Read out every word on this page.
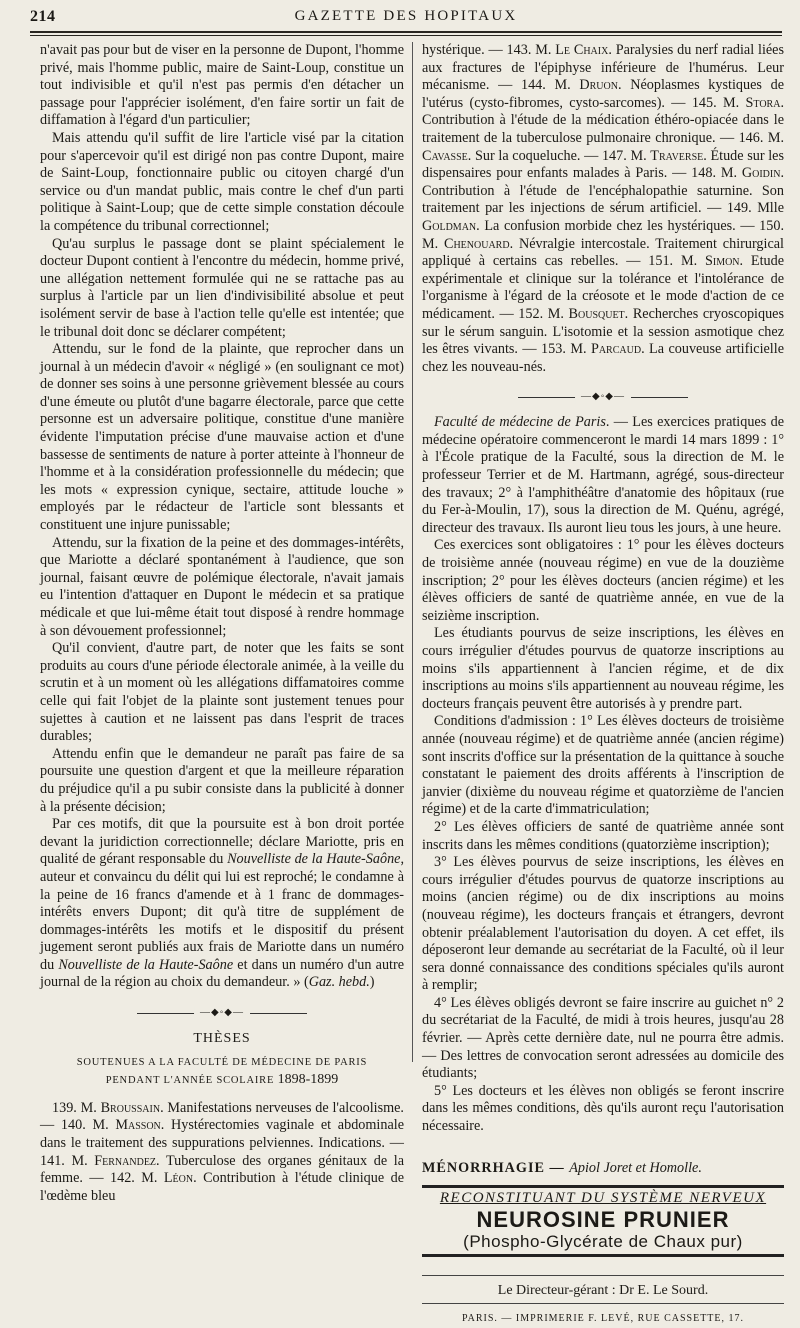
214	GAZETTE DES HOPITAUX

n'avait pas pour but de viser en la personne de Dupont, l'homme privé, mais l'homme public, maire de Saint-Loup, constitue un tout indivisible et qu'il n'est pas permis d'en détacher un passage pour l'apprécier isolément, d'en faire sortir un fait de diffamation à l'égard d'un particulier;

Mais attendu qu'il suffit de lire l'article visé par la citation pour s'apercevoir qu'il est dirigé non pas contre Dupont, maire de Saint-Loup, fonctionnaire public ou citoyen chargé d'un service ou d'un mandat public, mais contre le chef d'un parti politique à Saint-Loup; que de cette simple constation découle la compétence du tribunal correctionnel;

Qu'au surplus le passage dont se plaint spécialement le docteur Dupont contient à l'encontre du médecin, homme privé, une allégation nettement formulée qui ne se rattache pas au surplus à l'article par un lien d'indivisibilité absolue et peut isolément servir de base à l'action telle qu'elle est intentée; que le tribunal doit donc se déclarer compétent;

Attendu, sur le fond de la plainte, que reprocher dans un journal à un médecin d'avoir « négligé » (en soulignant ce mot) de donner ses soins à une personne grièvement blessée au cours d'une émeute ou plutôt d'une bagarre électorale, parce que cette personne est un adversaire politique, constitue d'une manière évidente l'imputation précise d'une mauvaise action et d'une bassesse de sentiments de nature à porter atteinte à l'honneur de l'homme et à la considération professionnelle du médecin; que les mots « expression cynique, sectaire, attitude louche » employés par le rédacteur de l'article sont blessants et constituent une injure punissable;

Attendu, sur la fixation de la peine et des dommages-intérêts, que Mariotte a déclaré spontanément à l'audience, que son journal, faisant œuvre de polémique électorale, n'avait jamais eu l'intention d'attaquer en Dupont le médecin et sa pratique médicale et que lui-même était tout disposé à rendre hommage à son dévouement professionnel;

Qu'il convient, d'autre part, de noter que les faits se sont produits au cours d'une période électorale animée, à la veille du scrutin et à un moment où les allégations diffamatoires comme celle qui fait l'objet de la plainte sont justement tenues pour sujettes à caution et ne laissent pas dans l'esprit de traces durables;

Attendu enfin que le demandeur ne paraît pas faire de sa poursuite une question d'argent et que la meilleure réparation du préjudice qu'il a pu subir consiste dans la publicité à donner à la présente décision;

Par ces motifs, dit que la poursuite est à bon droit portée devant la juridiction correctionnelle; déclare Mariotte, pris en qualité de gérant responsable du Nouvelliste de la Haute-Saône, auteur et convaincu du délit qui lui est reproché; le condamne à la peine de 16 francs d'amende et à 1 franc de dommages-intérêts envers Dupont; dit qu'à titre de supplément de dommages-intérêts les motifs et le dispositif du présent jugement seront publiés aux frais de Mariotte dans un numéro du Nouvelliste de la Haute-Saône et dans un numéro d'un autre journal de la région au choix du demandeur. » (Gaz. hebd.)

—◆◦◆—
THÈSES
SOUTENUES A LA FACULTÉ DE MÉDECINE DE PARIS
PENDANT L'ANNÉE SCOLAIRE 1898-1899

139. M. Broussain. Manifestations nerveuses de l'alcoolisme. — 140. M. Masson. Hystérectomies vaginale et abdominale dans le traitement des suppurations pelviennes. Indications. — 141. M. Fernandez. Tuberculose des organes génitaux de la femme. — 142. M. Léon. Contribution à l'étude clinique de l'œdème bleu

hystérique. — 143. M. Le Chaix. Paralysies du nerf radial liées aux fractures de l'épiphyse inférieure de l'humérus. Leur mécanisme. — 144. M. Druon. Néoplasmes kystiques de l'utérus (cysto-fibromes, cysto-sarcomes). — 145. M. Stora. Contribution à l'étude de la médication éthéro-opiacée dans le traitement de la tuberculose pulmonaire chronique. — 146. M. Cavasse. Sur la coqueluche. — 147. M. Traverse. Étude sur les dispensaires pour enfants malades à Paris. — 148. M. Goidin. Contribution à l'étude de l'encéphalopathie saturnine. Son traitement par les injections de sérum artificiel. — 149. Mlle Goldman. La confusion morbide chez les hystériques. — 150. M. Chenouard. Névralgie intercostale. Traitement chirurgical appliqué à certains cas rebelles. — 151. M. Simon. Etude expérimentale et clinique sur la tolérance et l'intolérance de l'organisme à l'égard de la créosote et le mode d'action de ce médicament. — 152. M. Bousquet. Recherches cryoscopiques sur le sérum sanguin. L'isotomie et la session asmotique chez les êtres vivants. — 153. M. Parcaud. La couveuse artificielle chez les nouveau-nés.

—◆◦◆—

Faculté de médecine de Paris. — Les exercices pratiques de médecine opératoire commenceront le mardi 14 mars 1899 : 1° à l'École pratique de la Faculté, sous la direction de M. le professeur Terrier et de M. Hartmann, agrégé, sous-directeur des travaux; 2° à l'amphithéâtre d'anatomie des hôpitaux (rue du Fer-à-Moulin, 17), sous la direction de M. Quénu, agrégé, directeur des travaux. Ils auront lieu tous les jours, à une heure.

Ces exercices sont obligatoires : 1° pour les élèves docteurs de troisième année (nouveau régime) en vue de la douzième inscription; 2° pour les élèves docteurs (ancien régime) et les élèves officiers de santé de quatrième année, en vue de la seizième inscription.

Les étudiants pourvus de seize inscriptions, les élèves en cours irrégulier d'études pourvus de quatorze inscriptions au moins s'ils appartiennent à l'ancien régime, et de dix inscriptions au moins s'ils appartiennent au nouveau régime, les docteurs français peuvent être autorisés à y prendre part.

Conditions d'admission : 1° Les élèves docteurs de troisième année (nouveau régime) et de quatrième année (ancien régime) sont inscrits d'office sur la présentation de la quittance à souche constatant le paiement des droits afférents à l'inscription de janvier (dixième du nouveau régime et quatorzième de l'ancien régime) et de la carte d'immatriculation;

2° Les élèves officiers de santé de quatrième année sont inscrits dans les mêmes conditions (quatorzième inscription);

3° Les élèves pourvus de seize inscriptions, les élèves en cours irrégulier d'études pourvus de quatorze inscriptions au moins (ancien régime) ou de dix inscriptions au moins (nouveau régime), les docteurs français et étrangers, devront obtenir préalablement l'autorisation du doyen. A cet effet, ils déposeront leur demande au secrétariat de la Faculté, où il leur sera donné connaissance des conditions spéciales qu'ils auront à remplir;

4° Les élèves obligés devront se faire inscrire au guichet n° 2 du secrétariat de la Faculté, de midi à trois heures, jusqu'au 28 février. — Après cette dernière date, nul ne pourra être admis. — Des lettres de convocation seront adressées au domicile des étudiants;

5° Les docteurs et les élèves non obligés se feront inscrire dans les mêmes conditions, dès qu'ils auront reçu l'autorisation nécessaire.

MÉNORRHAGIE — Apiol Joret et Homolle.
RECONSTITUANT DU SYSTÈME NERVEUX
NEUROSINE PRUNIER
(Phospho-Glycérate de Chaux pur)
Le Directeur-gérant : Dr E. Le Sourd.
PARIS. — IMPRIMERIE F. LEVÉ, RUE CASSETTE, 17.
